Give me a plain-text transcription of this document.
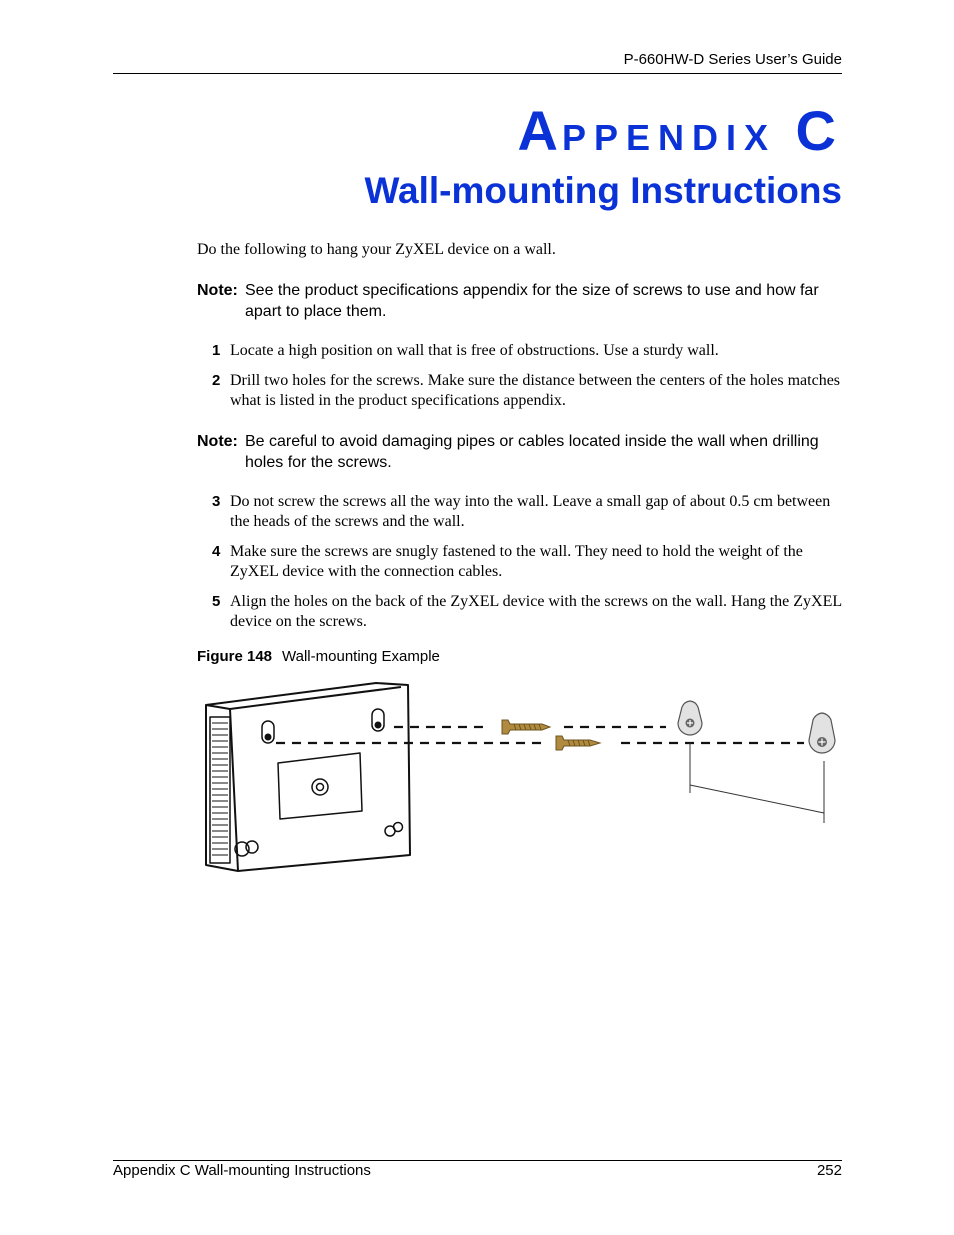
P-660HW-D Series User’s Guide
APPENDIX C
Wall-mounting Instructions
Do the following to hang your ZyXEL device on a wall.
Note: See the product specifications appendix for the size of screws to use and how far apart to place them.
1 Locate a high position on wall that is free of obstructions. Use a sturdy wall.
2 Drill two holes for the screws. Make sure the distance between the centers of the holes matches what is listed in the product specifications appendix.
Note: Be careful to avoid damaging pipes or cables located inside the wall when drilling holes for the screws.
3 Do not screw the screws all the way into the wall. Leave a small gap of about 0.5 cm between the heads of the screws and the wall.
4 Make sure the screws are snugly fastened to the wall. They need to hold the weight of the ZyXEL device with the connection cables.
5 Align the holes on the back of the ZyXEL device with the screws on the wall. Hang the ZyXEL device on the screws.
Figure 148 Wall-mounting Example
Appendix C Wall-mounting Instructions	252
